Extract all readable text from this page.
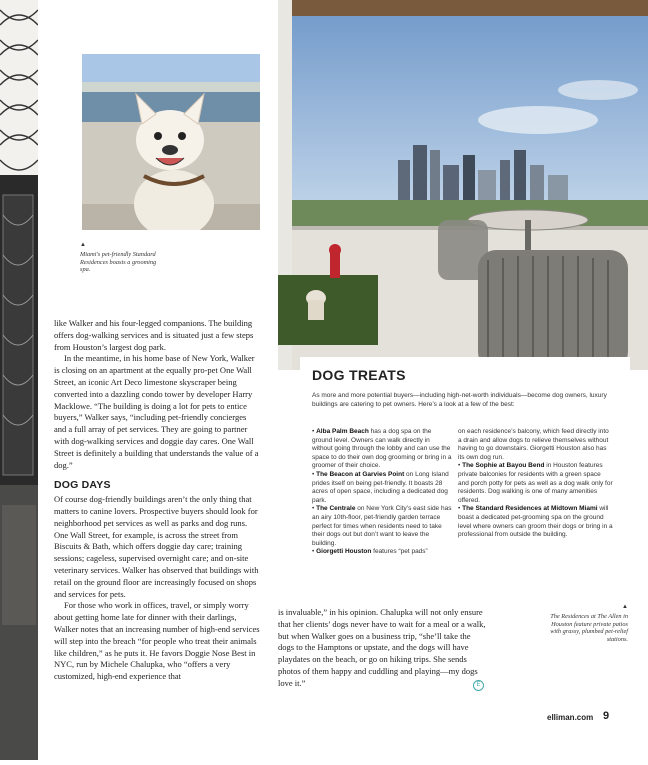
▲
Miami's pet-friendly Standard Residences boasts a grooming spa.

like Walker and his four-legged companions. The building offers dog-walking services and is situated just a few steps from Houston’s largest dog park.

In the meantime, in his home base of New York, Walker is closing on an apartment at the equally pro-pet One Wall Street, an iconic Art Deco limestone skyscraper being converted into a dazzling condo tower by developer Harry Macklowe. “The building is doing a lot for pets to entice buyers,” Walker says, “including pet-friendly concierges and a full array of pet services. They are going to partner with dog-walking services and doggie day cares. One Wall Street is definitely a building that understands the value of a dog.”

DOG DAYS

Of course dog-friendly buildings aren’t the only thing that matters to canine lovers. Prospective buyers should look for neighborhood pet services as well as parks and dog runs. One Wall Street, for example, is across the street from Biscuits & Bath, which offers doggie day care; training sessions; cageless, supervised overnight care; and on-site veterinary services. Walker has observed that buildings with retail on the ground floor are increasingly focused on shops and services for pets.

For those who work in offices, travel, or simply worry about getting home late for dinner with their darlings, Walker notes that an increasing number of high-end services will step into the breach “for people who treat their animals like children,” as he puts it. He favors Doggie Nose Best in NYC, run by Michele Chalupka, who “offers a very customized, high-end experience that

is invaluable,” in his opinion. Chalupka will not only ensure that her clients’ dogs never have to wait for a meal or a walk, but when Walker goes on a business trip, “she’ll take the dogs to the Hamptons or upstate, and the dogs will have playdates on the beach, or go on hiking trips. She sends photos of them happy and cuddling and playing—my dogs love it.”	E
DOG TREATS
As more and more potential buyers—including high-net-worth individuals—become dog owners, luxury buildings are catering to pet owners. Here’s a look at a few of the best:

• Alba Palm Beach has a dog spa on the ground level. Owners can walk directly in without going through the lobby and can use the space to do their own dog grooming or bring in a groomer of their choice.

• The Beacon at Garvies Point on Long Island prides itself on being pet-friendly. It boasts 28 acres of open space, including a dedicated dog park.

• The Centrale on New York City’s east side has an airy 10th-floor, pet-friendly garden terrace perfect for times when residents need to take their dogs out but don’t want to leave the building.

• Giorgetti Houston features “pet pads”

on each residence’s balcony, which feed directly into a drain and allow dogs to relieve themselves without having to go downstairs. Giorgetti Houston also has its own dog run.

• The Sophie at Bayou Bend in Houston features private balconies for residents with a green space and porch potty for pets as well as a dog walk only for residents. Dog walking is one of many amenities offered.

• The Standard Residences at Midtown Miami will boast a dedicated pet-grooming spa on the ground level where owners can groom their dogs or bring in a professional from outside the building.

▲
The Residences at The Allen in Houston feature private patios with grassy, plumbed pet-relief stations.
elliman.com 9
